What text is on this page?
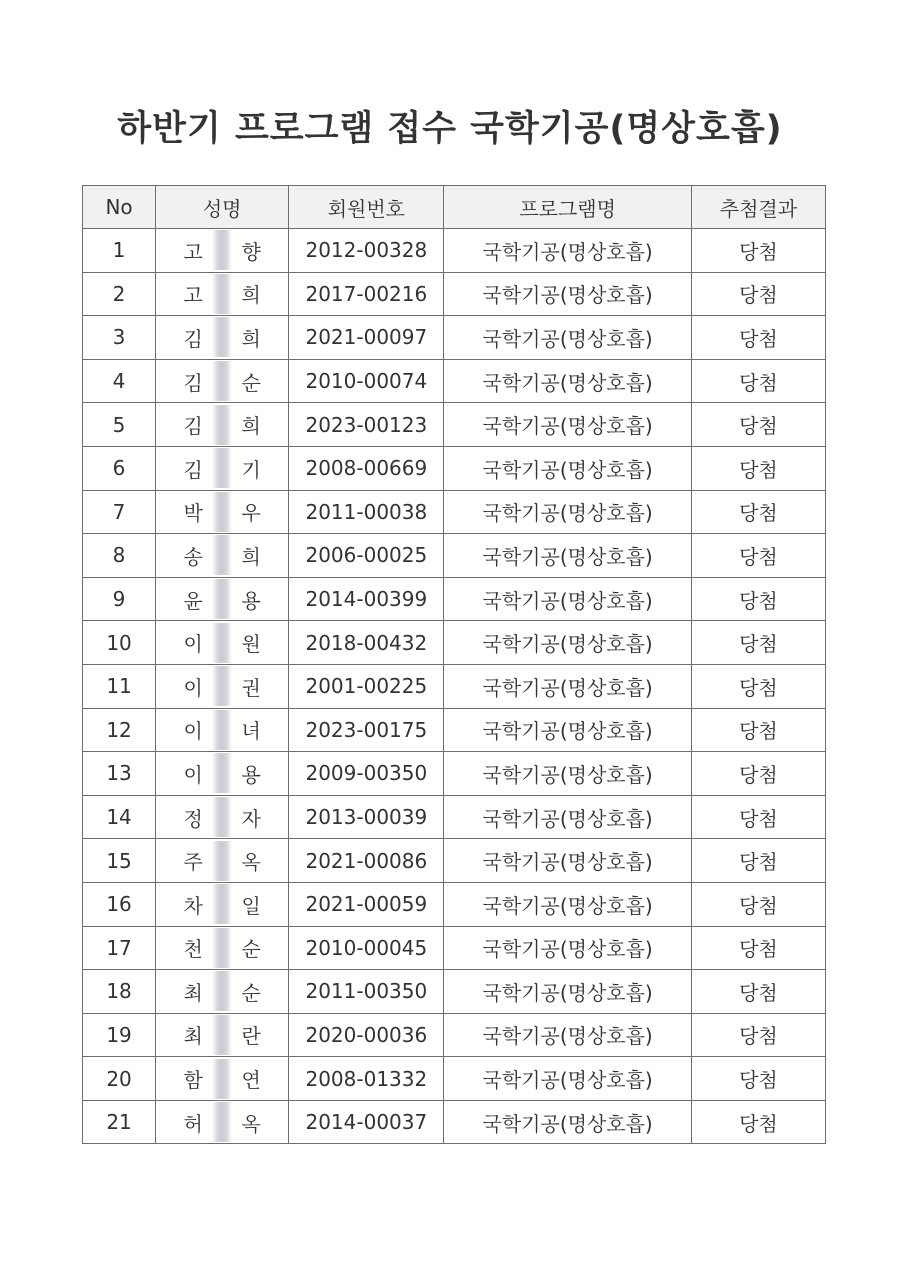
하반기 프로그램 접수 국학기공(명상호흡)
No	성명	회원번호	프로그램명	추첨결과
1	고 향	2012-00328	국학기공(명상호흡)	당첨
2	고 희	2017-00216	국학기공(명상호흡)	당첨
3	김 희	2021-00097	국학기공(명상호흡)	당첨
4	김 순	2010-00074	국학기공(명상호흡)	당첨
5	김 희	2023-00123	국학기공(명상호흡)	당첨
6	김 기	2008-00669	국학기공(명상호흡)	당첨
7	박 우	2011-00038	국학기공(명상호흡)	당첨
8	송 희	2006-00025	국학기공(명상호흡)	당첨
9	윤 용	2014-00399	국학기공(명상호흡)	당첨
10	이 원	2018-00432	국학기공(명상호흡)	당첨
11	이 권	2001-00225	국학기공(명상호흡)	당첨
12	이 녀	2023-00175	국학기공(명상호흡)	당첨
13	이 용	2009-00350	국학기공(명상호흡)	당첨
14	정 자	2013-00039	국학기공(명상호흡)	당첨
15	주 옥	2021-00086	국학기공(명상호흡)	당첨
16	차 일	2021-00059	국학기공(명상호흡)	당첨
17	천 순	2010-00045	국학기공(명상호흡)	당첨
18	최 순	2011-00350	국학기공(명상호흡)	당첨
19	최 란	2020-00036	국학기공(명상호흡)	당첨
20	함 연	2008-01332	국학기공(명상호흡)	당첨
21	허 옥	2014-00037	국학기공(명상호흡)	당첨
